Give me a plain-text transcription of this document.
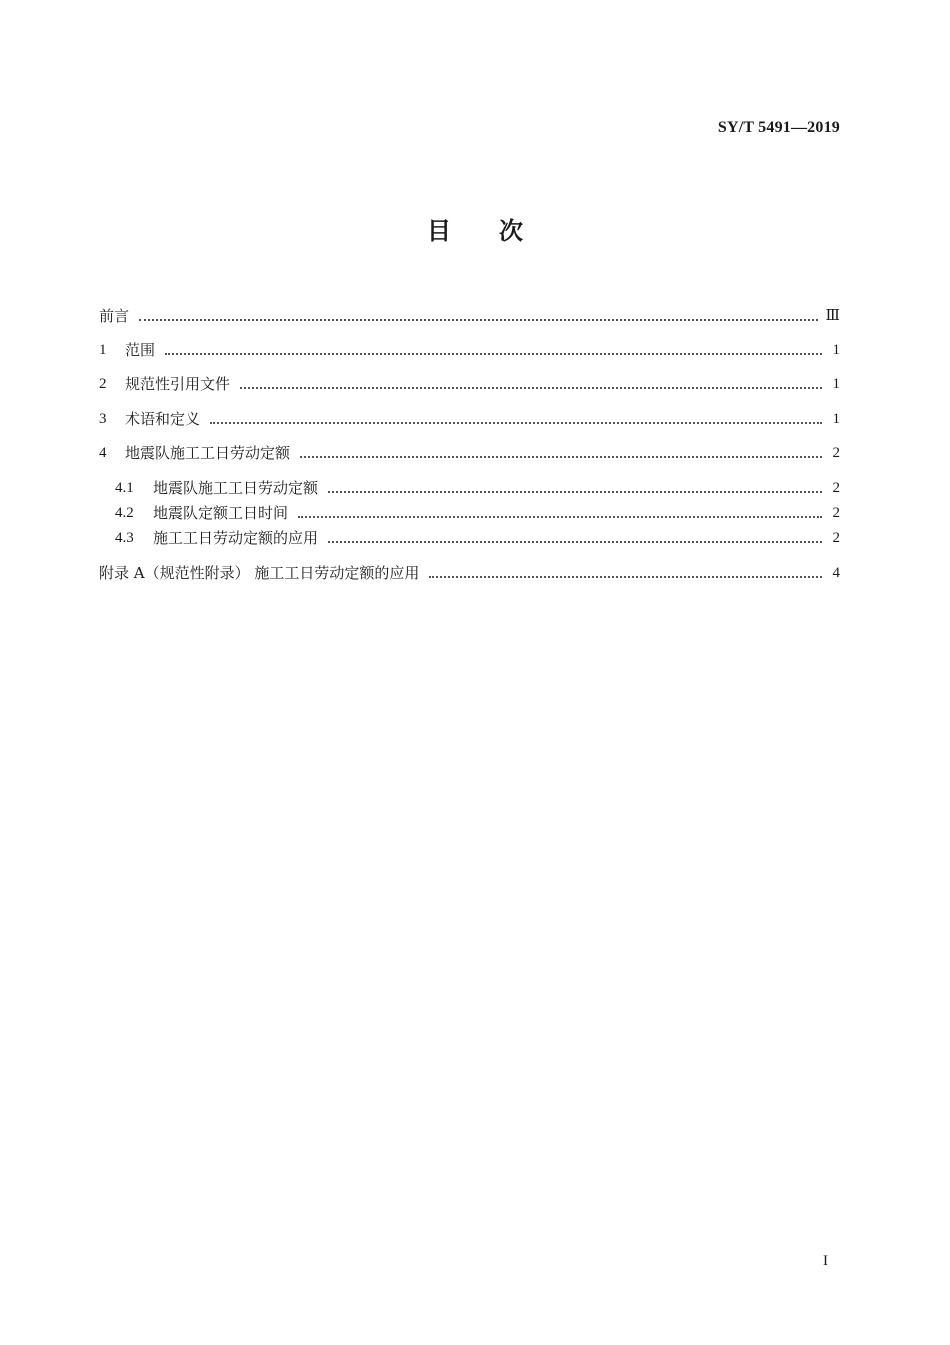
SY/T 5491—2019
目 次
前言	Ⅲ
1	范围	1
2	规范性引用文件	1
3	术语和定义	1
4	地震队施工工日劳动定额	2
4.1	地震队施工工日劳动定额	2
4.2	地震队定额工日时间	2
4.3	施工工日劳动定额的应用	2
附录 A（规范性附录） 施工工日劳动定额的应用	4
I
